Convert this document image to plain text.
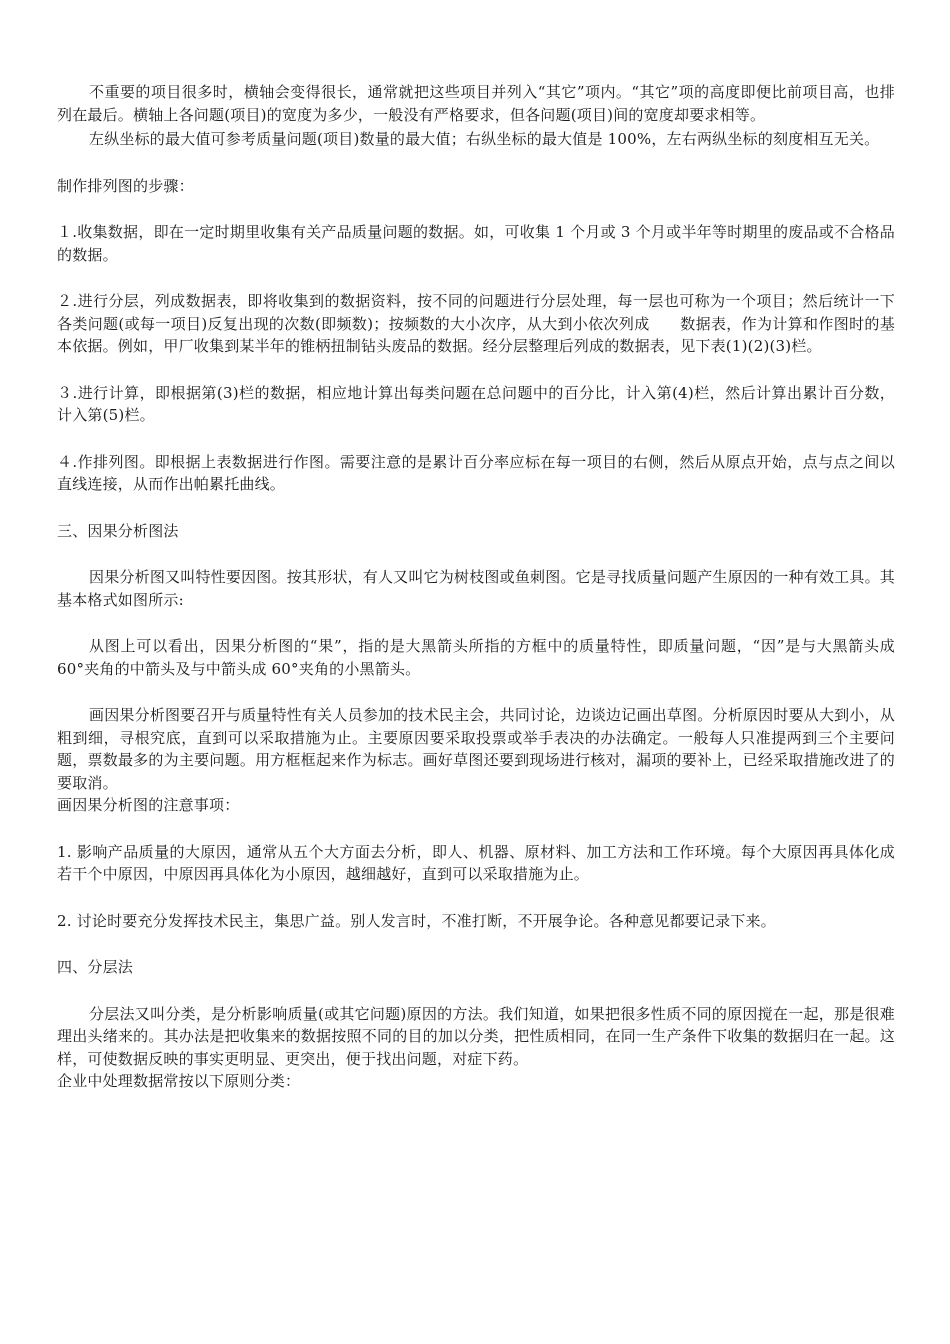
不重要的项目很多时，横轴会变得很长，通常就把这些项目并列入“其它”项内。“其它”项的高度即便比前项目高，也排列在最后。横轴上各问题(项目)的宽度为多少，一般没有严格要求，但各问题(项目)间的宽度却要求相等。

左纵坐标的最大值可参考质量问题(项目)数量的最大值；右纵坐标的最大值是 100%，左右两纵坐标的刻度相互无关。

制作排列图的步骤：

１.收集数据，即在一定时期里收集有关产品质量问题的数据。如，可收集 1 个月或 3 个月或半年等时期里的废品或不合格品的数据。

２.进行分层，列成数据表，即将收集到的数据资料，按不同的问题进行分层处理，每一层也可称为一个项目；然后统计一下各类问题(或每一项目)反复出现的次数(即频数)；按频数的大小次序，从大到小依次列成　　数据表，作为计算和作图时的基本依据。例如，甲厂收集到某半年的锥柄扭制钻头废品的数据。经分层整理后列成的数据表，见下表(1)(2)(3)栏。

３.进行计算，即根据第(3)栏的数据，相应地计算出每类问题在总问题中的百分比，计入第(4)栏，然后计算出累计百分数，计入第(5)栏。

４.作排列图。即根据上表数据进行作图。需要注意的是累计百分率应标在每一项目的右侧，然后从原点开始，点与点之间以直线连接，从而作出帕累托曲线。

三、因果分析图法

因果分析图又叫特性要因图。按其形状，有人又叫它为树枝图或鱼刺图。它是寻找质量问题产生原因的一种有效工具。其基本格式如图所示:

从图上可以看出，因果分析图的“果”，指的是大黑箭头所指的方框中的质量特性，即质量问题，“因”是与大黑箭头成 60°夹角的中箭头及与中箭头成 60°夹角的小黑箭头。

画因果分析图要召开与质量特性有关人员参加的技术民主会，共同讨论，边谈边记画出草图。分析原因时要从大到小，从粗到细，寻根究底，直到可以采取措施为止。主要原因要采取投票或举手表决的办法确定。一般每人只准提两到三个主要问题，票数最多的为主要问题。用方框框起来作为标志。画好草图还要到现场进行核对，漏项的要补上，已经采取措施改进了的要取消。

画因果分析图的注意事项：

1. 影响产品质量的大原因，通常从五个大方面去分析，即人、机器、原材料、加工方法和工作环境。每个大原因再具体化成若干个中原因，中原因再具体化为小原因，越细越好，直到可以采取措施为止。

2. 讨论时要充分发挥技术民主，集思广益。别人发言时，不准打断，不开展争论。各种意见都要记录下来。

四、分层法

分层法又叫分类，是分析影响质量(或其它问题)原因的方法。我们知道，如果把很多性质不同的原因搅在一起，那是很难理出头绪来的。其办法是把收集来的数据按照不同的目的加以分类，把性质相同，在同一生产条件下收集的数据归在一起。这样，可使数据反映的事实更明显、更突出，便于找出问题，对症下药。

企业中处理数据常按以下原则分类：
